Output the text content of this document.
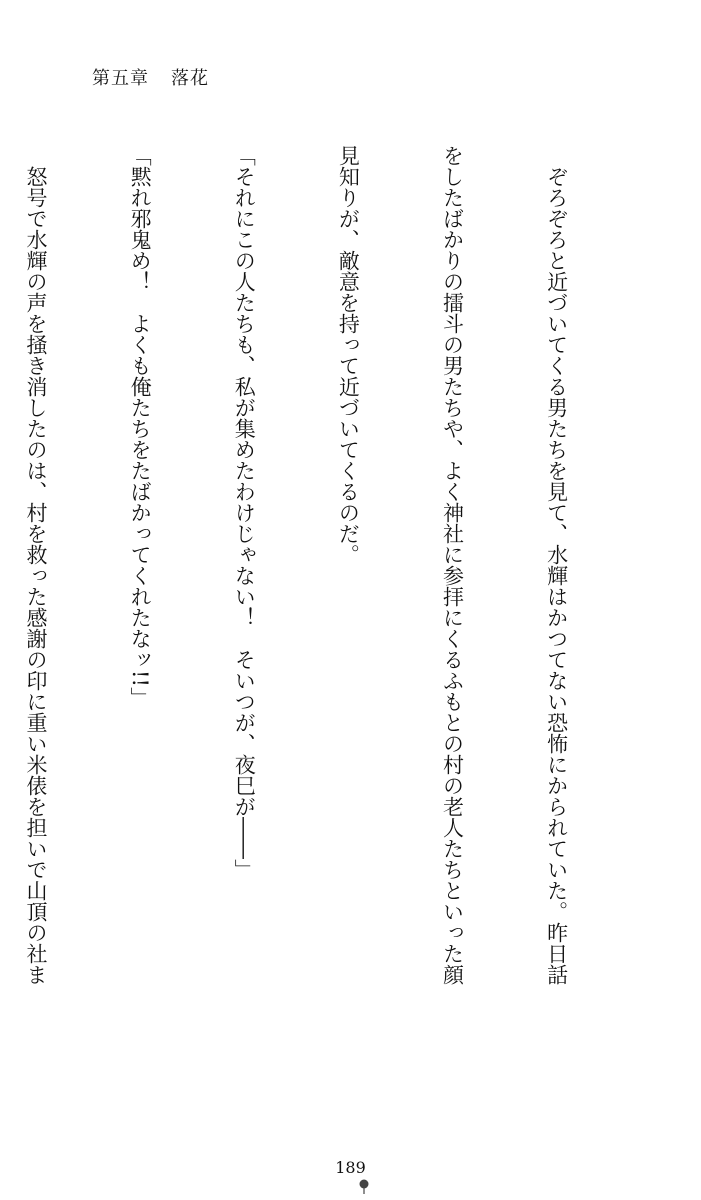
第五章 落花

　ぞろぞろと近づいてくる男たちを見て、水輝はかつてない恐怖にかられていた。昨日話

をしたばかりの擂斗の男たちや、よく神社に参拝にくるふもとの村の老人たちといった顔

見知りが、敵意を持って近づいてくるのだ。

「それにこの人たちも、私が集めたわけじゃない！　そいつが、夜巳が――」

「黙れ邪鬼め！　よくも俺たちをたばかってくれたなッ!!」

　怒号で水輝の声を掻き消したのは、村を救った感謝の印に重い米俵を担いで山頂の社ま

189
